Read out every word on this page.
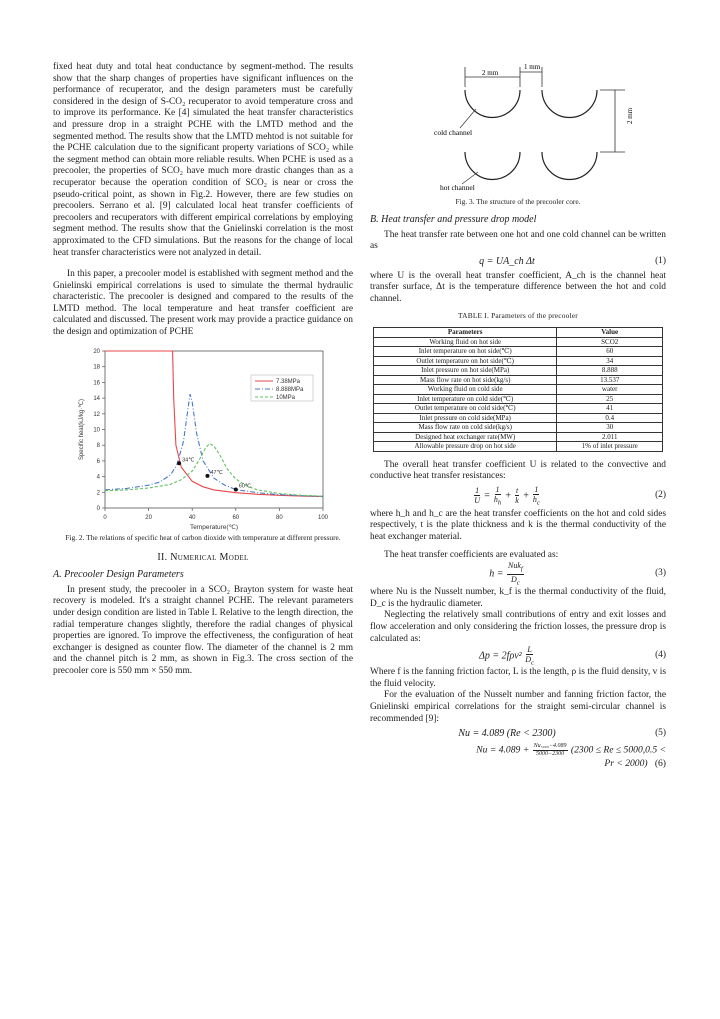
fixed heat duty and total heat conductance by segment-method. The results show that the sharp changes of properties have significant influences on the performance of recuperator, and the design parameters must be carefully considered in the design of S-CO₂ recuperator to avoid temperature cross and to improve its performance. Ke [4] simulated the heat transfer characteristics and pressure drop in a straight PCHE with the LMTD method and the segmented method. The results show that the LMTD mehtod is not suitable for the PCHE calculation due to the significant property variations of SCO₂ while the segment method can obtain more reliable results. When PCHE is used as a precooler, the properties of SCO₂ have much more drastic changes than as a recuperator because the operation condition of SCO₂ is near or cross the pseudo-critical point, as shown in Fig.2. However, there are few studies on precoolers. Serrano et al. [9] calculated local heat transfer coefficients of precoolers and recuperators with different empirical correlations by employing segment method. The results show that the Gnielinski correlation is the most approximated to the CFD simulations. But the reasons for the change of local heat transfer characteristics were not analyzed in detail.

In this paper, a precooler model is established with segment method and the Gnielinski empirical correlations is used to simulate the thermal hydraulic characteristic. The precooler is designed and compared to the results of the LMTD method. The local temperature and heat transfer coefficient are calculated and discussed. The present work may provide a practice guidance on the design and optimization of PCHE

0	20	40	60	80	100
0
2
4
6
8
10
12
14
16
18
20
Temperature(℃)
Specific heat(kJ/kg·℃)
7.38MPa
8.888MPa
10MPa
34℃
47℃
60℃

Fig. 2. The relations of specific heat of carbon dioxide with temperature at different pressure.

II. Numerical Model
A. Precooler Design Parameters

In present study, the precooler in a SCO₂ Brayton system for waste heat recovery is modeled. It's a straight channel PCHE. The relevant parameters under design condition are listed in Table I. Relative to the length direction, the radial temperature changes slightly, therefore the radial changes of physical properties are ignored. To improve the effectiveness, the configuration of heat exchanger is designed as counter flow. The diameter of the channel is 2 mm and the channel pitch is 2 mm, as shown in Fig.3. The cross section of the precooler core is 550 mm × 550 mm.

2 mm
1 mm
2 mm
cold channel
hot channel

Fig. 3. The structure of the precooler core.

B. Heat transfer and pressure drop model

The heat transfer rate between one hot and one cold channel can be written as

q = UA_ch Δt	(1)

where U is the overall heat transfer coefficient, A_ch is the channel heat transfer surface, Δt is the temperature difference between the hot and cold channel.

TABLE I. Parameters of the precooler
Parameters	Value
Working fluid on hot side	SCO2
Inlet temperature on hot side(℃)	60
Outlet temperature on hot side(℃)	34
Inlet pressure on hot side(MPa)	8.888
Mass flow rate on hot side(kg/s)	13.537
Working fluid on cold side	water
Inlet temperature on cold side(℃)	25
Outlet temperature on cold side(℃)	41
Inlet pressure on cold side(MPa)	0.4
Mass flow rate on cold side(kg/s)	30
Designed heat exchanger rate(MW)	2.011
Allowable pressure drop on hot side	1% of inlet pressure

The overall heat transfer coefficient U is related to the convective and conductive heat transfer resistances:

$\frac{1}{U} = \frac{1}{h_h} + \frac{t}{k} + \frac{1}{h_c}$	(2)

where h_h and h_c are the heat transfer coefficients on the hot and cold sides respectively, t is the plate thickness and k is the thermal conductivity of the heat exchanger material.

The heat transfer coefficients are evaluated as:

$h = \frac{Nuk_f}{D_c}$	(3)

where Nu is the Nusselt number, k_f is the thermal conductivity of the fluid, D_c is the hydraulic diameter.

Neglecting the relatively small contributions of entry and exit losses and flow acceleration and only considering the friction losses, the pressure drop is calculated as:

$\Delta p = 2f\rho v^2 \frac{L}{D_c}$	(4)

Where f is the fanning friction factor, L is the length, ρ is the fluid density, v is the fluid velocity.

For the evaluation of the Nusselt number and fanning friction factor, the Gnielinski empirical correlations for the straight semi-circular channel is recommended [9]:

Nu = 4.089 (Re < 2300)	(5)
$Nu = 4.089 + \frac{\text{Nu₅₀₀₀−4.089}}{5000-2300} (2300 \le Re \le 5000,0.5$ <
Pr < 2000) (6)
